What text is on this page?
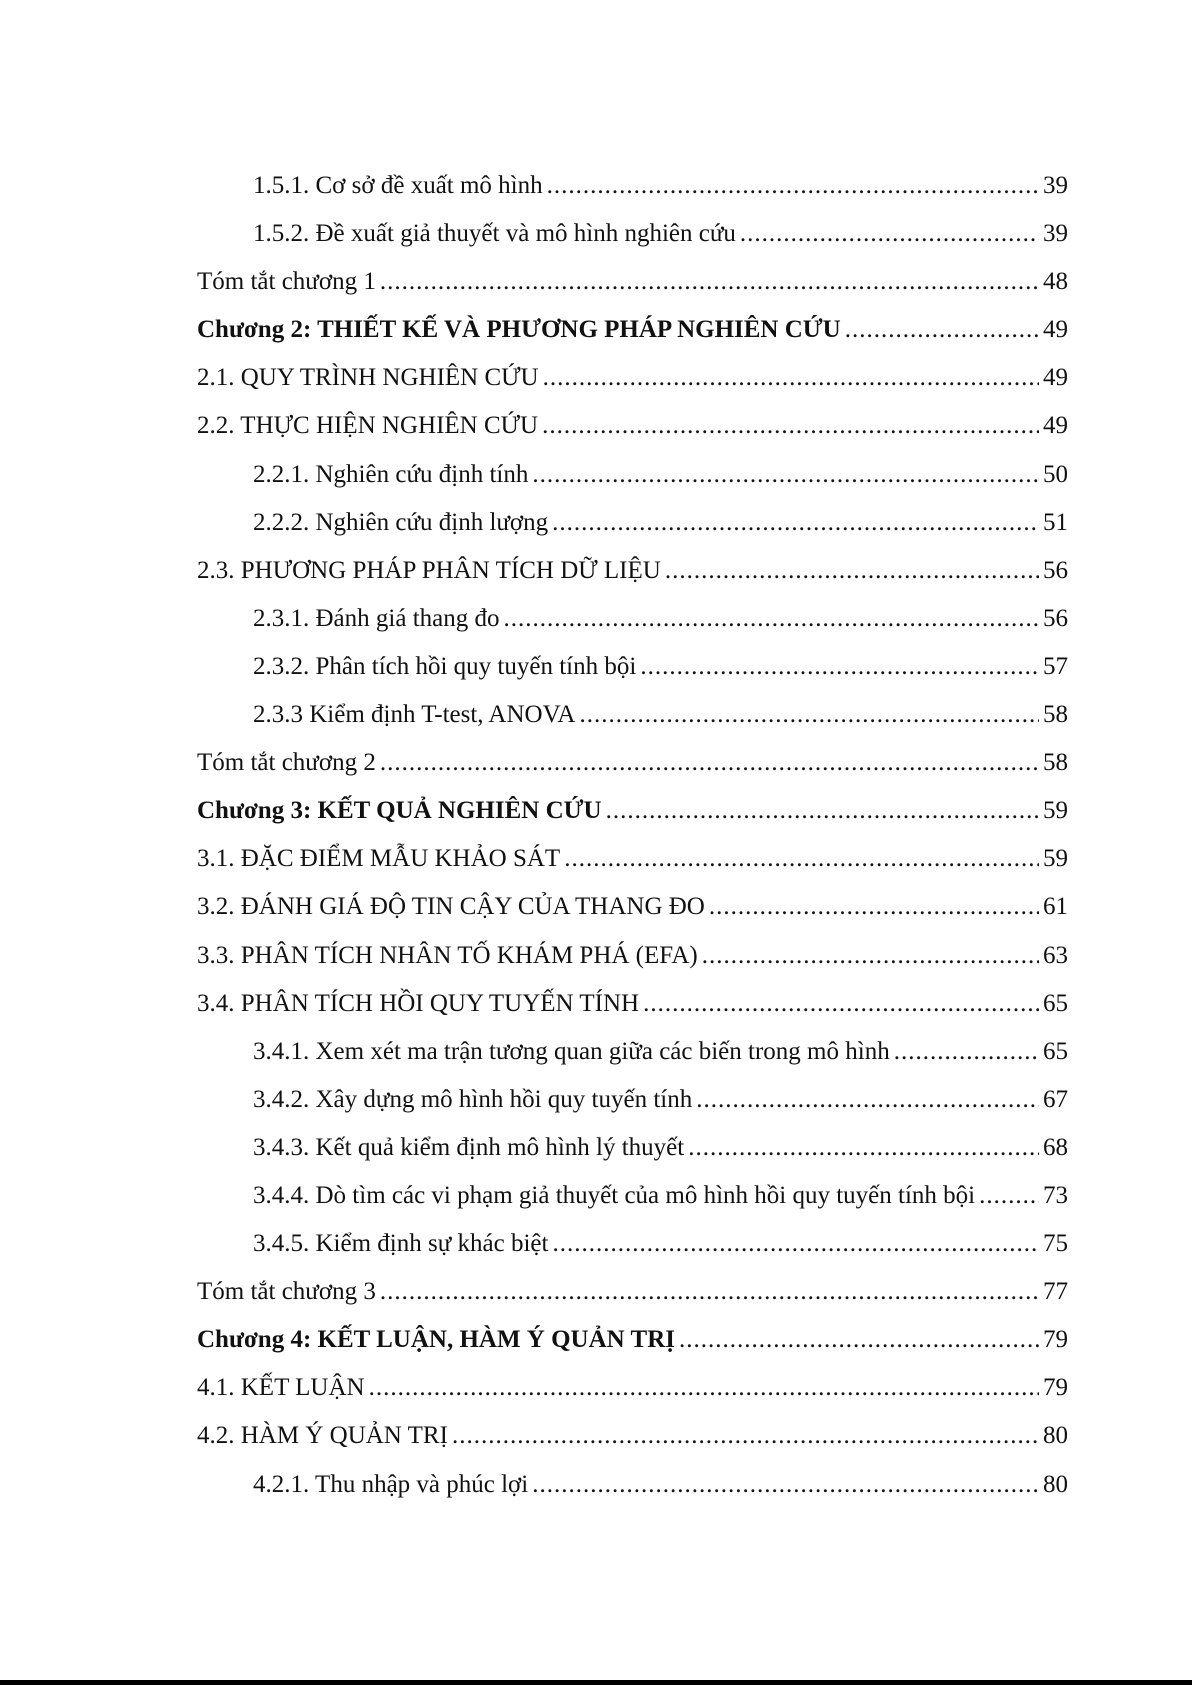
1.5.1. Cơ sở đề xuất mô hình .....	39
1.5.2. Đề xuất giả thuyết và mô hình nghiên cứu .....	39
Tóm tắt chương 1 .....	48
Chương 2: THIẾT KẾ VÀ PHƯƠNG PHÁP NGHIÊN CỨU .....	49
2.1. QUY TRÌNH NGHIÊN CỨU .....	49
2.2. THỰC HIỆN NGHIÊN CỨU .....	49
2.2.1. Nghiên cứu định tính .....	50
2.2.2. Nghiên cứu định lượng .....	51
2.3. PHƯƠNG PHÁP PHÂN TÍCH DỮ LIỆU .....	56
2.3.1. Đánh giá thang đo .....	56
2.3.2. Phân tích hồi quy tuyến tính bội .....	57
2.3.3 Kiểm định T-test, ANOVA .....	58
Tóm tắt chương 2 .....	58
Chương 3: KẾT QUẢ NGHIÊN CỨU .....	59
3.1. ĐẶC ĐIỂM MẪU KHẢO SÁT .....	59
3.2. ĐÁNH GIÁ ĐỘ TIN CẬY CỦA THANG ĐO .....	61
3.3. PHÂN TÍCH NHÂN TỐ KHÁM PHÁ (EFA) .....	63
3.4. PHÂN TÍCH HỒI QUY TUYẾN TÍNH .....	65
3.4.1. Xem xét ma trận tương quan giữa các biến trong mô hình .....	65
3.4.2. Xây dựng mô hình hồi quy tuyến tính .....	67
3.4.3. Kết quả kiểm định mô hình lý thuyết .....	68
3.4.4. Dò tìm các vi phạm giả thuyết của mô hình hồi quy tuyến tính bội .....	73
3.4.5. Kiểm định sự khác biệt .....	75
Tóm tắt chương 3 .....	77
Chương 4: KẾT LUẬN, HÀM Ý QUẢN TRỊ .....	79
4.1. KẾT LUẬN .....	79
4.2. HÀM Ý QUẢN TRỊ .....	80
4.2.1. Thu nhập và phúc lợi .....	80
